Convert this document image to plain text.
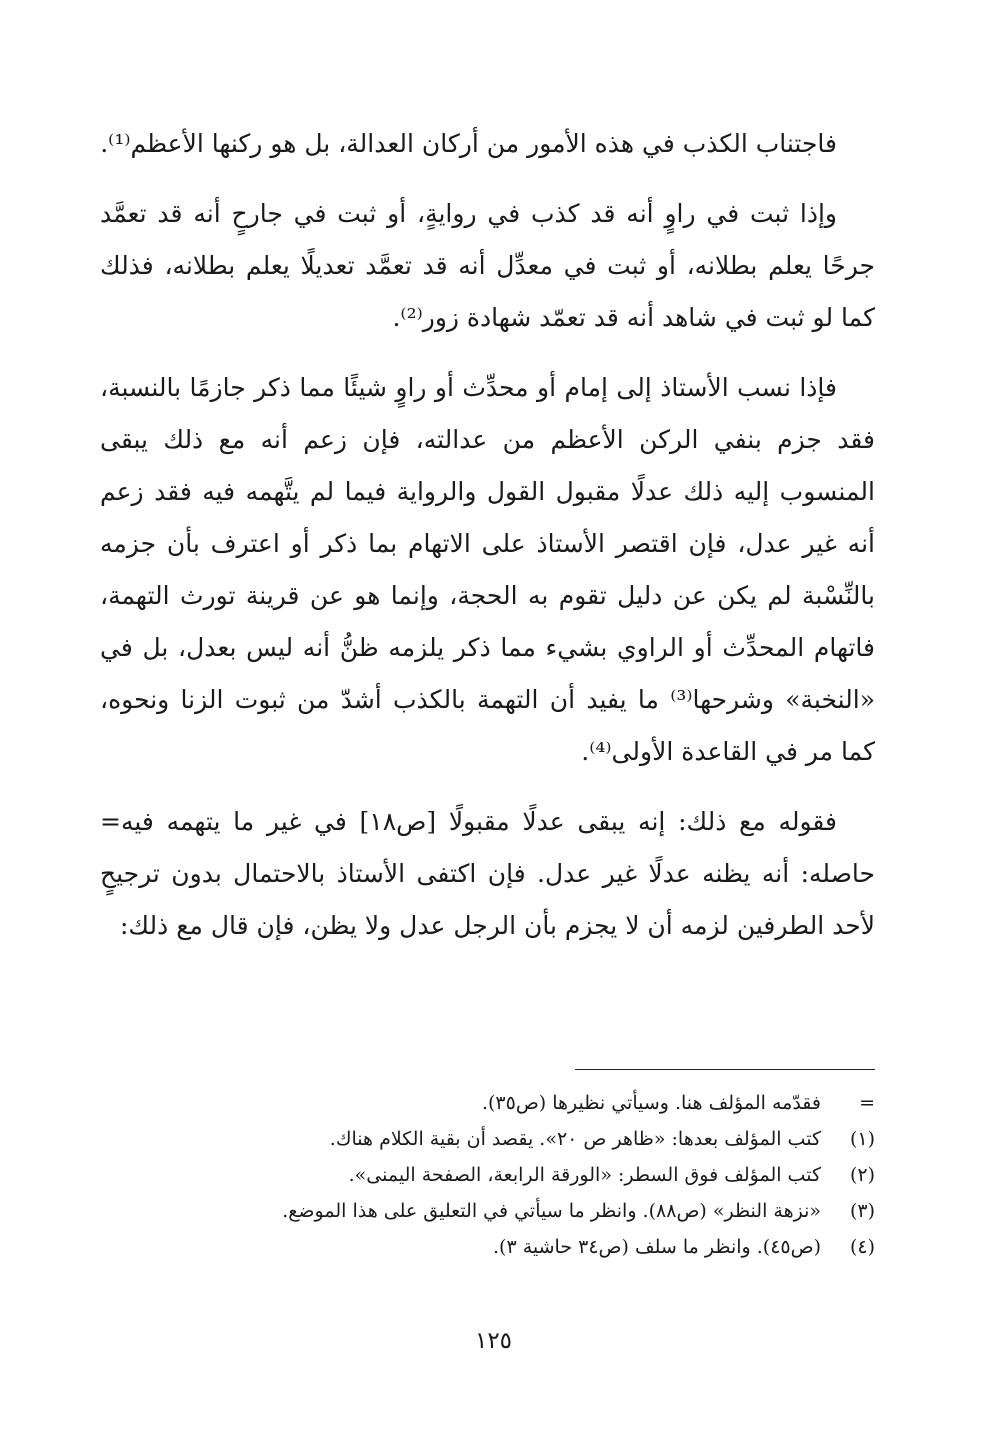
فاجتناب الكذب في هذه الأمور من أركان العدالة، بل هو ركنها الأعظم⁽¹⁾.

وإذا ثبت في راوٍ أنه قد كذب في روايةٍ، أو ثبت في جارحٍ أنه قد تعمَّد جرحًا يعلم بطلانه، أو ثبت في معدِّل أنه قد تعمَّد تعديلًا يعلم بطلانه، فذلك كما لو ثبت في شاهد أنه قد تعمّد شهادة زور⁽²⁾.

فإذا نسب الأستاذ إلى إمام أو محدِّث أو راوٍ شيئًا مما ذكر جازمًا بالنسبة، فقد جزم بنفي الركن الأعظم من عدالته، فإن زعم أنه مع ذلك يبقى المنسوب إليه ذلك عدلًا مقبول القول والرواية فيما لم يتَّهمه فيه فقد زعم أنه غير عدل، فإن اقتصر الأستاذ على الاتهام بما ذكر أو اعترف بأن جزمه بالنِّسْبة لم يكن عن دليل تقوم به الحجة، وإنما هو عن قرينة تورث التهمة، فاتهام المحدِّث أو الراوي بشيء مما ذكر يلزمه ظنُّ أنه ليس بعدل، بل في «النخبة» وشرحها⁽³⁾ ما يفيد أن التهمة بالكذب أشدّ من ثبوت الزنا ونحوه، كما مر في القاعدة الأولى⁽⁴⁾.

فقوله مع ذلك: إنه يبقى عدلًا مقبولًا [ص١٨] في غير ما يتهمه فيه= حاصله: أنه يظنه عدلًا غير عدل. فإن اكتفى الأستاذ بالاحتمال بدون ترجيحٍ لأحد الطرفين لزمه أن لا يجزم بأن الرجل عدل ولا يظن، فإن قال مع ذلك:

=
فقدّمه المؤلف هنا. وسيأتي نظيرها (ص٣٥).
(١)
كتب المؤلف بعدها: «ظاهر ص ٢٠». يقصد أن بقية الكلام هناك.
(٢)
كتب المؤلف فوق السطر: «الورقة الرابعة، الصفحة اليمنى».
(٣)
«نزهة النظر» (ص٨٨). وانظر ما سيأتي في التعليق على هذا الموضع.
(٤)
(ص٤٥). وانظر ما سلف (ص٣٤ حاشية ٣).
١٢٥
